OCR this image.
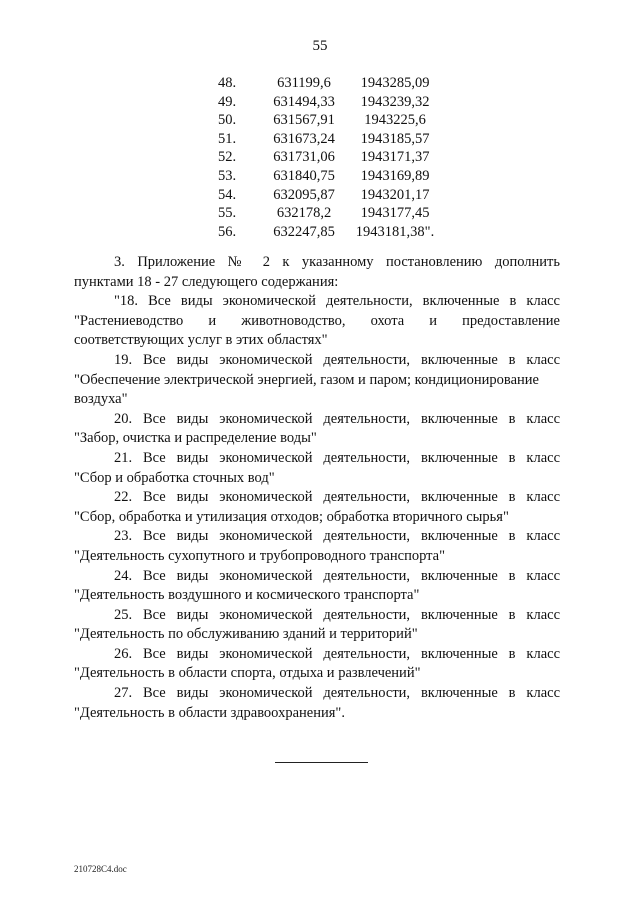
55
48.	631199,6	1943285,09
49.	631494,33	1943239,32
50.	631567,91	1943225,6
51.	631673,24	1943185,57
52.	631731,06	1943171,37
53.	631840,75	1943169,89
54.	632095,87	1943201,17
55.	632178,2	1943177,45
56.	632247,85	1943181,38".
3. Приложение № 2 к указанному постановлению дополнить
пунктами 18 - 27 следующего содержания:
"18. Все виды экономической деятельности, включенные в класс
"Растениеводство и животноводство, охота и предоставление
соответствующих услуг в этих областях"
19. Все виды экономической деятельности, включенные в класс
"Обеспечение электрической энергией, газом и паром; кондиционирование
воздуха"
20. Все виды экономической деятельности, включенные в класс
"Забор, очистка и распределение воды"
21. Все виды экономической деятельности, включенные в класс
"Сбор и обработка сточных вод"
22. Все виды экономической деятельности, включенные в класс
"Сбор, обработка и утилизация отходов; обработка вторичного сырья"
23. Все виды экономической деятельности, включенные в класс
"Деятельность сухопутного и трубопроводного транспорта"
24. Все виды экономической деятельности, включенные в класс
"Деятельность воздушного и космического транспорта"
25. Все виды экономической деятельности, включенные в класс
"Деятельность по обслуживанию зданий и территорий"
26. Все виды экономической деятельности, включенные в класс
"Деятельность в области спорта, отдыха и развлечений"
27. Все виды экономической деятельности, включенные в класс
"Деятельность в области здравоохранения".
210728C4.doc
